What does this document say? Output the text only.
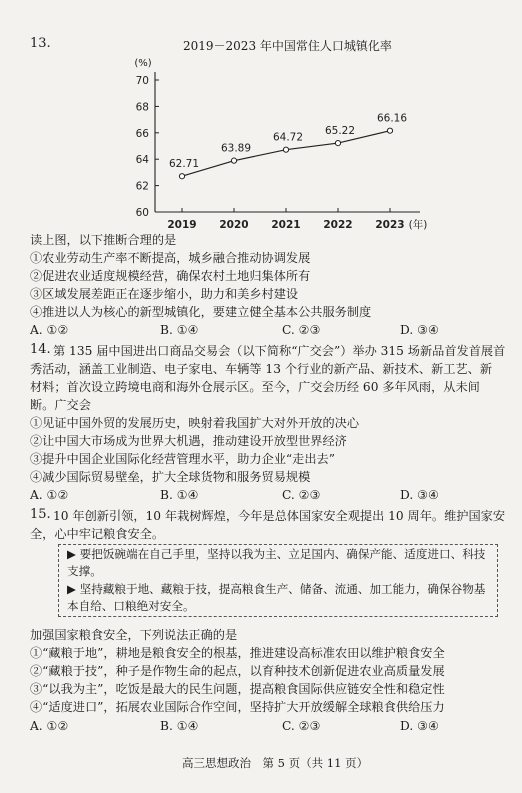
13.	2019－2023 年中国常住人口城镇化率
60
62
64
66
68
70
(%)
2019 2020 2021 2022 2023 (年)
62.71
63.89
64.72
65.22
66.16
读上图，以下推断合理的是
①农业劳动生产率不断提高，城乡融合推动协调发展
②促进农业适度规模经营，确保农村土地归集体所有
③区域发展差距正在逐步缩小，助力和美乡村建设
④推进以人为核心的新型城镇化，要建立健全基本公共服务制度
A. ①②	B. ①④	C. ②③	D. ③④
14. 第 135 届中国进出口商品交易会（以下简称“广交会”）举办 315 场新品首发首展首
秀活动，涵盖工业制造、电子家电、车辆等 13 个行业的新产品、新技术、新工艺、新
材料；首次设立跨境电商和海外仓展示区。至今，广交会历经 60 多年风雨，从未间
断。广交会
①见证中国外贸的发展历史，映射着我国扩大对外开放的决心
②让中国大市场成为世界大机遇，推动建设开放型世界经济
③提升中国企业国际化经营管理水平，助力企业“走出去”
④减少国际贸易壁垒，扩大全球货物和服务贸易规模
A. ①②	B. ①④	C. ②③	D. ③④
15. 10 年创新引领，10 年栽树辉煌，今年是总体国家安全观提出 10 周年。维护国家安
全，心中牢记粮食安全。
▶ 要把饭碗端在自己手里，坚持以我为主、立足国内、确保产能、适度进口、科技
支撑。
▶ 坚持藏粮于地、藏粮于技，提高粮食生产、储备、流通、加工能力，确保谷物基
本自给、口粮绝对安全。
加强国家粮食安全，下列说法正确的是
①“藏粮于地”，耕地是粮食安全的根基，推进建设高标准农田以维护粮食安全
②“藏粮于技”，种子是作物生命的起点，以育种技术创新促进农业高质量发展
③“以我为主”，吃饭是最大的民生问题，提高粮食国际供应链安全性和稳定性
④“适度进口”，拓展农业国际合作空间，坚持扩大开放缓解全球粮食供给压力
A. ①②	B. ①④	C. ②③	D. ③④
高三思想政治　第 5 页（共 11 页）
